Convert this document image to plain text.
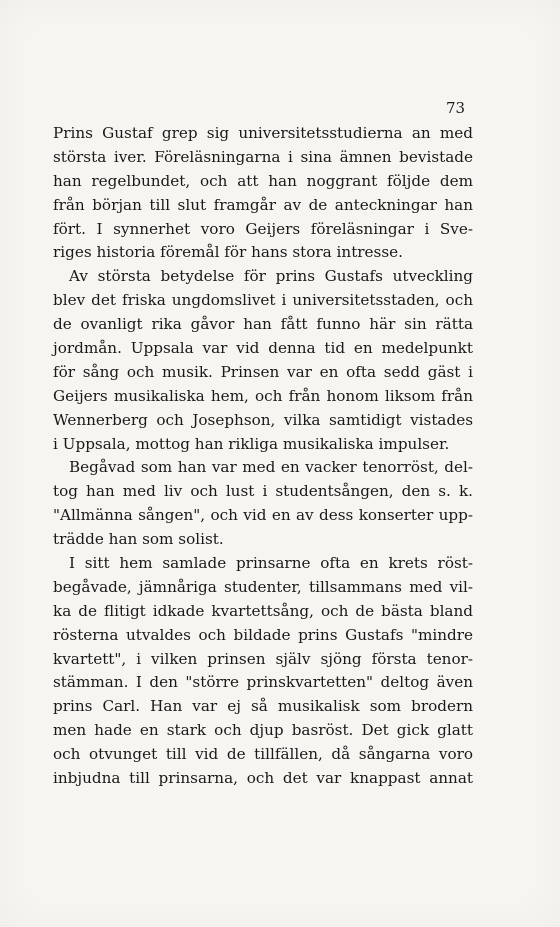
73
Prins Gustaf grep sig universitetsstudierna an med
största iver. Föreläsningarna i sina ämnen bevistade
han regelbundet, och att han noggrant följde dem
från början till slut framgår av de anteckningar han
fört. I synnerhet voro Geijers föreläsningar i Sve-
riges historia föremål för hans stora intresse.
Av största betydelse för prins Gustafs utveckling
blev det friska ungdomslivet i universitetsstaden, och
de ovanligt rika gåvor han fått funno här sin rätta
jordmån. Uppsala var vid denna tid en medelpunkt
för sång och musik. Prinsen var en ofta sedd gäst i
Geijers musikaliska hem, och från honom liksom från
Wennerberg och Josephson, vilka samtidigt vistades
i Uppsala, mottog han rikliga musikaliska impulser.
Begåvad som han var med en vacker tenorröst, del-
tog han med liv och lust i studentsången, den s. k.
"Allmänna sången", och vid en av dess konserter upp-
trädde han som solist.
I sitt hem samlade prinsarne ofta en krets röst-
begåvade, jämnåriga studenter, tillsammans med vil-
ka de flitigt idkade kvartettsång, och de bästa bland
rösterna utvaldes och bildade prins Gustafs "mindre
kvartett", i vilken prinsen själv sjöng första tenor-
stämman. I den "större prinskvartetten" deltog även
prins Carl. Han var ej så musikalisk som brodern
men hade en stark och djup basröst. Det gick glatt
och otvunget till vid de tillfällen, då sångarna voro
inbjudna till prinsarna, och det var knappast annat
